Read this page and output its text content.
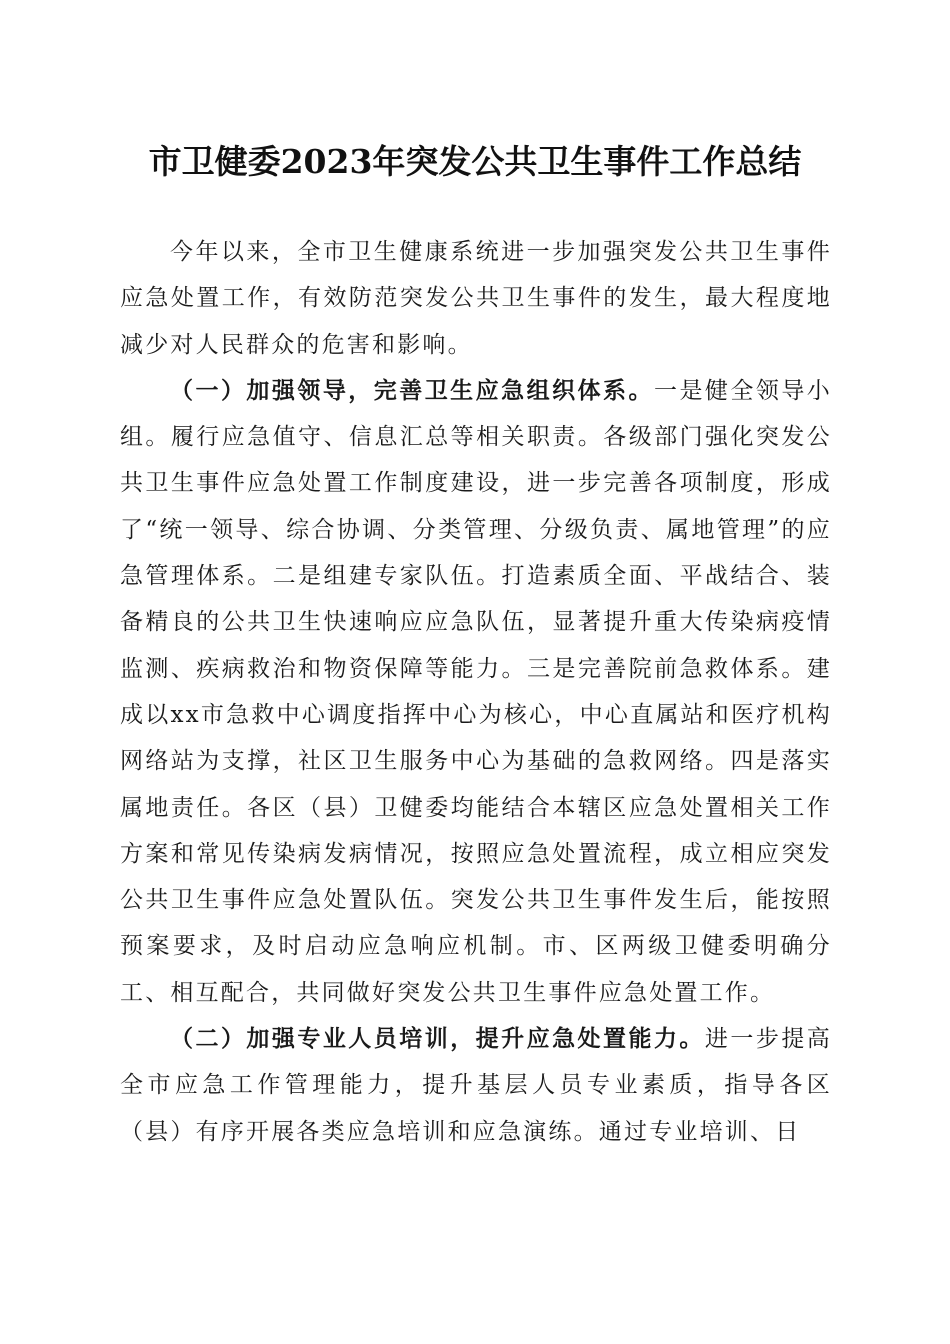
市卫健委2023年突发公共卫生事件工作总结

今年以来，全市卫生健康系统进一步加强突发公共卫生事件应急处置工作，有效防范突发公共卫生事件的发生，最大程度地减少对人民群众的危害和影响。

（一）加强领导，完善卫生应急组织体系。一是健全领导小组。履行应急值守、信息汇总等相关职责。各级部门强化突发公共卫生事件应急处置工作制度建设，进一步完善各项制度，形成了“统一领导、综合协调、分类管理、分级负责、属地管理”的应急管理体系。二是组建专家队伍。打造素质全面、平战结合、装备精良的公共卫生快速响应应急队伍，显著提升重大传染病疫情监测、疾病救治和物资保障等能力。三是完善院前急救体系。建成以xx市急救中心调度指挥中心为核心，中心直属站和医疗机构网络站为支撑，社区卫生服务中心为基础的急救网络。四是落实属地责任。各区（县）卫健委均能结合本辖区应急处置相关工作方案和常见传染病发病情况，按照应急处置流程，成立相应突发公共卫生事件应急处置队伍。突发公共卫生事件发生后，能按照预案要求，及时启动应急响应机制。市、区两级卫健委明确分工、相互配合，共同做好突发公共卫生事件应急处置工作。

（二）加强专业人员培训，提升应急处置能力。进一步提高全市应急工作管理能力，提升基层人员专业素质，指导各区（县）有序开展各类应急培训和应急演练。通过专业培训、日
